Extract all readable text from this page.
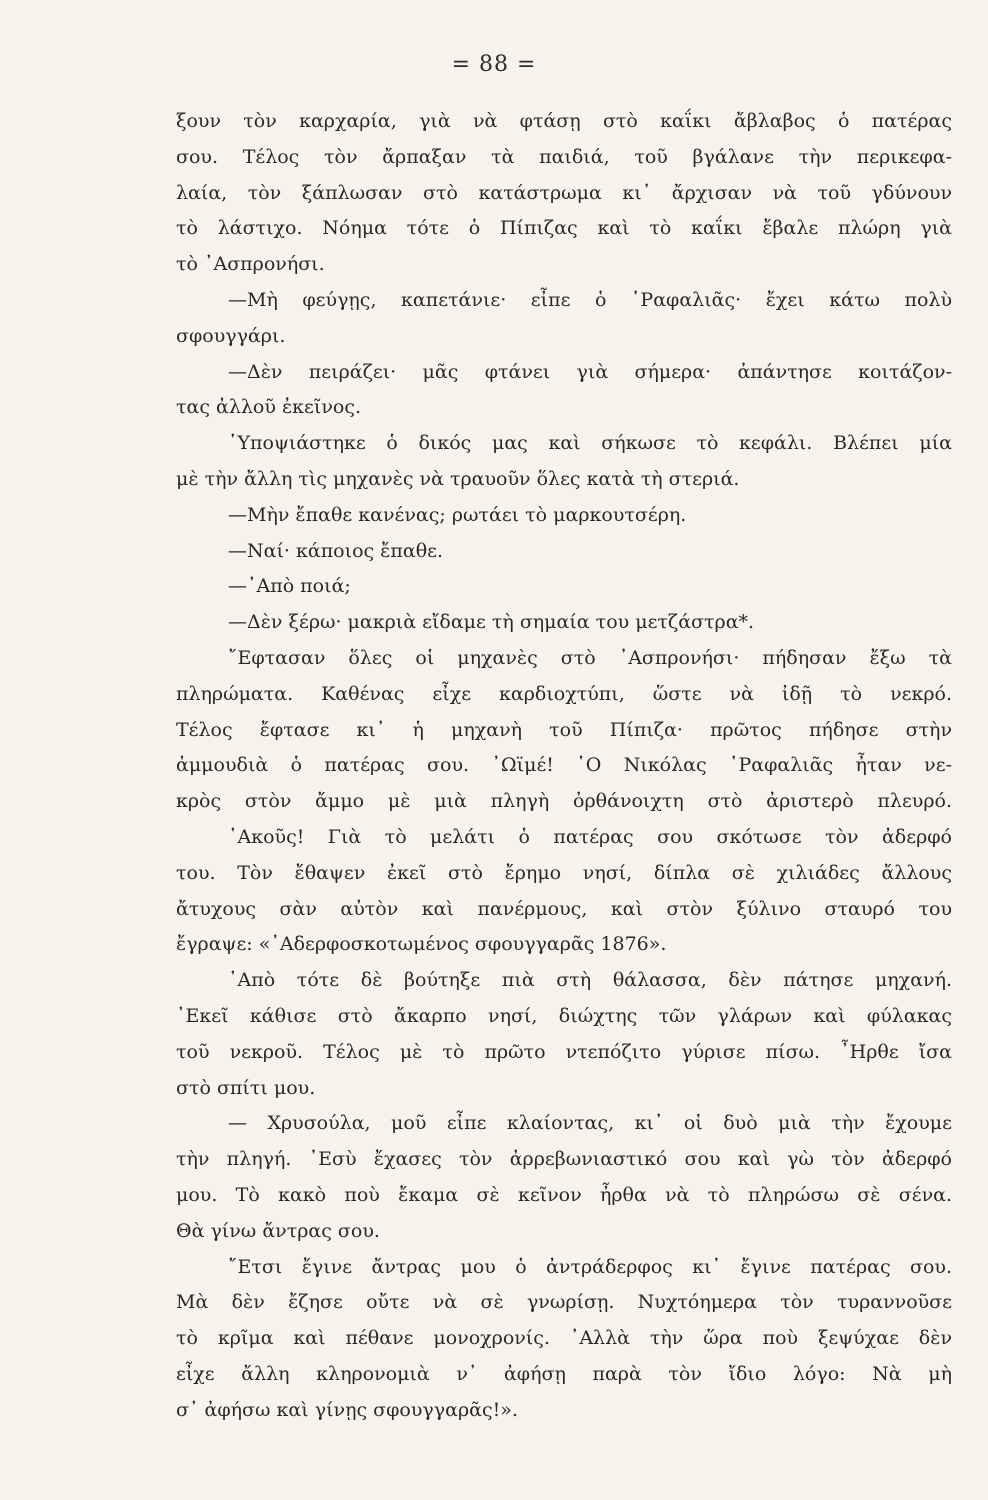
= 88 =
ξουν τὸν καρχαρία, γιὰ νὰ φτάσῃ στὸ καΐκι ἄβλαβος ὁ πατέρας
σου. Τέλος τὸν ἄρπαξαν τὰ παιδιά, τοῦ βγάλανε τὴν περικεφα-
λαία, τὸν ξάπλωσαν στὸ κατάστρωμα κι᾽ ἄρχισαν νὰ τοῦ γδύνουν
τὸ λάστιχο. Νόημα τότε ὁ Πίπιζας καὶ τὸ καΐκι ἔβαλε πλώρη γιὰ
τὸ ᾽Ασπρονήσι.
—Μὴ φεύγῃς, καπετάνιε· εἶπε ὁ ῾Ραφαλιᾶς· ἔχει κάτω πολὺ
σφουγγάρι.
—Δὲν πειράζει· μᾶς φτάνει γιὰ σήμερα· ἀπάντησε κοιτάζον-
τας ἀλλοῦ ἐκεῖνος.
῾Υποψιάστηκε ὁ δικός μας καὶ σήκωσε τὸ κεφάλι. Βλέπει μία
μὲ τὴν ἄλλη τὶς μηχανὲς νὰ τραυοῦν ὅλες κατὰ τὴ στεριά.
—Μὴν ἔπαθε κανένας; ρωτάει τὸ μαρκουτσέρη.
—Ναί· κάποιος ἔπαθε.
—᾽Απὸ ποιά;
—Δὲν ξέρω· μακριὰ εἴδαμε τὴ σημαία του μετζάστρα*.
῎Εφτασαν ὅλες οἱ μηχανὲς στὸ ᾽Ασπρονήσι· πήδησαν ἔξω τὰ
πληρώματα. Καθένας εἶχε καρδιοχτύπι, ὥστε νὰ ἰδῇ τὸ νεκρό.
Τέλος ἔφτασε κι᾽ ἡ μηχανὴ τοῦ Πίπιζα· πρῶτος πήδησε στὴν
ἀμμουδιὰ ὁ πατέρας σου. ᾽Ωϊμέ! ῾Ο Νικόλας ῾Ραφαλιᾶς ἦταν νε-
κρὸς στὸν ἄμμο μὲ μιὰ πληγὴ ὀρθάνοιχτη στὸ ἀριστερὸ πλευρό.
᾽Ακοῦς! Γιὰ τὸ μελάτι ὁ πατέρας σου σκότωσε τὸν ἀδερφό
του. Τὸν ἔθαψεν ἐκεῖ στὸ ἔρημο νησί, δίπλα σὲ χιλιάδες ἄλλους
ἄτυχους σὰν αὐτὸν καὶ πανέρμους, καὶ στὸν ξύλινο σταυρό του
ἔγραψε: «᾽Αδερφοσκοτωμένος σφουγγαρᾶς 1876».
᾽Απὸ τότε δὲ βούτηξε πιὰ στὴ θάλασσα, δὲν πάτησε μηχανή.
᾽Εκεῖ κάθισε στὸ ἄκαρπο νησί, διώχτης τῶν γλάρων καὶ φύλακας
τοῦ νεκροῦ. Τέλος μὲ τὸ πρῶτο ντεπόζιτο γύρισε πίσω. ῏Ηρθε ἴσα
στὸ σπίτι μου.
— Χρυσούλα, μοῦ εἶπε κλαίοντας, κι᾽ οἱ δυὸ μιὰ τὴν ἔχουμε
τὴν πληγή. ᾽Εσὺ ἔχασες τὸν ἀρρεβωνιαστικό σου καὶ γὼ τὸν ἀδερφό
μου. Τὸ κακὸ ποὺ ἔκαμα σὲ κεῖνον ἦρθα νὰ τὸ πληρώσω σὲ σένα.
Θὰ γίνω ἄντρας σου.
῎Ετσι ἔγινε ἄντρας μου ὁ ἀντράδερφος κι᾽ ἔγινε πατέρας σου.
Μὰ δὲν ἔζησε οὔτε νὰ σὲ γνωρίσῃ. Νυχτόημερα τὸν τυραννοῦσε
τὸ κρῖμα καὶ πέθανε μονοχρονίς. ᾽Αλλὰ τὴν ὥρα ποὺ ξεψύχαε δὲν
εἶχε ἄλλη κληρονομιὰ ν᾽ ἀφήσῃ παρὰ τὸν ἴδιο λόγο: Νὰ μὴ
σ᾽ ἀφήσω καὶ γίνῃς σφουγγαρᾶς!».
